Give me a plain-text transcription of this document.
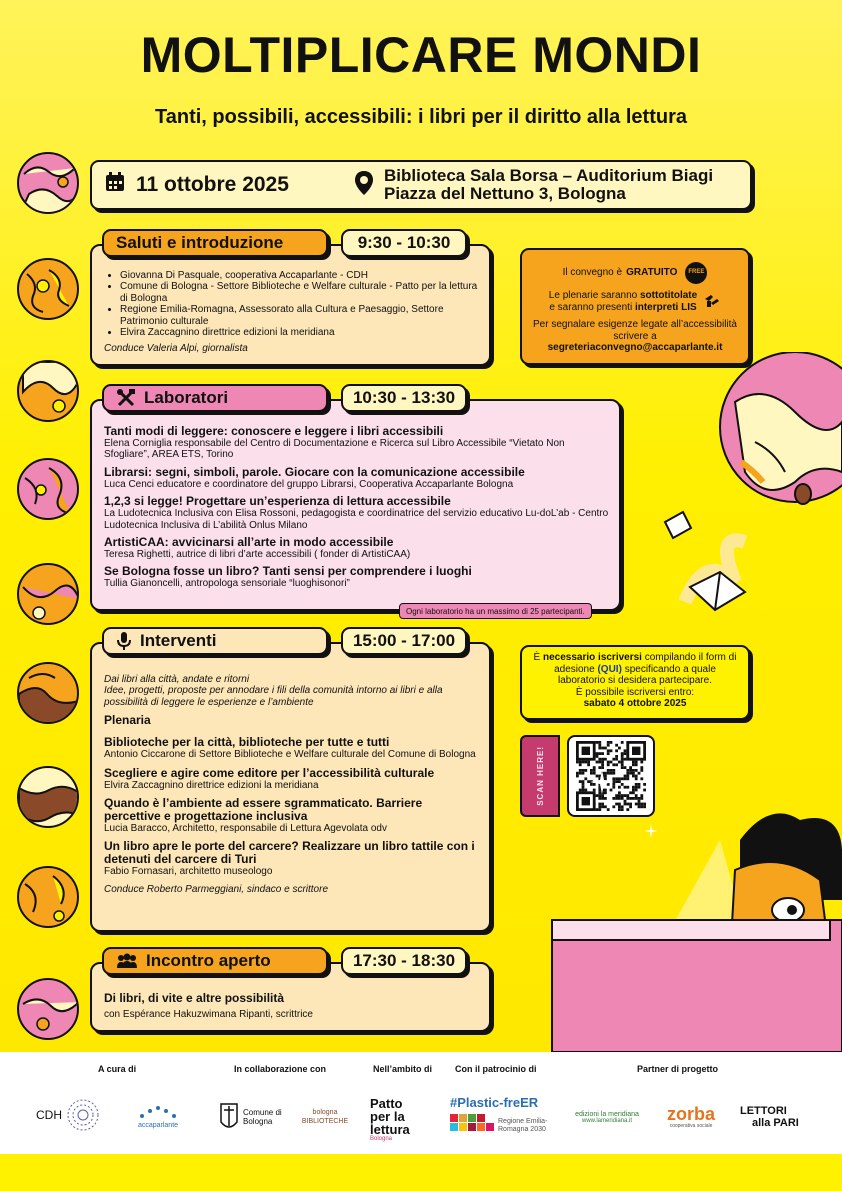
MOLTIPLICARE MONDI
Tanti, possibili, accessibili: i libri per il diritto alla lettura
11 ottobre 2025	Biblioteca Sala Borsa – Auditorium Biagi
Piazza del Nettuno 3, Bologna
• Giovanna Di Pasquale, cooperativa Accaparlante - CDH
• Comune di Bologna - Settore Biblioteche e Welfare culturale - Patto per la lettura di Bologna
• Regione Emilia-Romagna, Assessorato alla Cultura e Paesaggio, Settore Patrimonio culturale
• Elvira Zaccagnino direttrice edizioni la meridiana
Conduce Valeria Alpi, giornalista
Saluti e introduzione	9:30 - 10:30
Tanti modi di leggere: conoscere e leggere i libri accessibili
Elena Corniglia responsabile del Centro di Documentazione e Ricerca sul Libro Accessibile “Vietato Non Sfogliare”, AREA ETS, Torino
Librarsi: segni, simboli, parole. Giocare con la comunicazione accessibile
Luca Cenci educatore e coordinatore del gruppo Librarsi, Cooperativa Accaparlante Bologna
1,2,3 si legge! Progettare un’esperienza di lettura accessibile
La Ludotecnica Inclusiva con Elisa Rossoni, pedagogista e coordinatrice del servizio educativo Lu-doL’ab - Centro Ludotecnica Inclusiva di L’abilità Onlus Milano
ArtistiCAA: avvicinarsi all’arte in modo accessibile
Teresa Righetti, autrice di libri d’arte accessibili ( fonder di ArtistiCAA)
Se Bologna fosse un libro? Tanti sensi per comprendere i luoghi
Tullia Gianoncelli, antropologa sensoriale “luoghisonori”
Ogni laboratorio ha un massimo di 25 partecipanti.
Laboratori	10:30 - 13:30
Dai libri alla città, andate e ritorni
Idee, progetti, proposte per annodare i fili della comunità intorno ai libri e alla possibilità di leggere le esperienze e l’ambiente
Plenaria
Biblioteche per la città, biblioteche per tutte e tutti
Antonio Ciccarone di Settore Biblioteche e Welfare culturale del Comune di Bologna
Scegliere e agire come editore per l’accessibilità culturale
Elvira Zaccagnino direttrice edizioni la meridiana
Quando è l’ambiente ad essere sgrammaticato. Barriere percettive e progettazione inclusiva
Lucia Baracco, Architetto, responsabile di Lettura Agevolata odv
Un libro apre le porte del carcere? Realizzare un libro tattile con i detenuti del carcere di Turi
Fabio Fornasari, architetto museologo
Conduce Roberto Parmeggiani, sindaco e scrittore
Interventi	15:00 - 17:00
Di libri, di vite e altre possibilità
con Espérance Hakuzwimana Ripanti, scrittrice
Incontro aperto	17:30 - 18:30
Il convegno è GRATUITO	FREE
Le plenarie saranno sottotitolate
e saranno presenti interpreti LIS
Per segnalare esigenze legate all’accessibilità scrivere a
segreteriaconvegno@accaparlante.it
È necessario iscriversi compilando il form di adesione (QUI) specificando a quale laboratorio si desidera partecipare.
È possibile iscriversi entro:
sabato 4 ottobre 2025
SCAN HERE!
A cura di	In collaborazione con	Nell’ambito di	Con il patrocinio di	Partner di progetto
CDH
accaparlante
Comune di Bologna
bologna BIBLIOTECHE
Patto per la lettura
Bologna
#Plastic-freER
Regione Emilia-Romagna 2030
edizioni la meridiana
www.lameridiana.it zorba
cooperativa sociale
LETTORI
alla PARI
